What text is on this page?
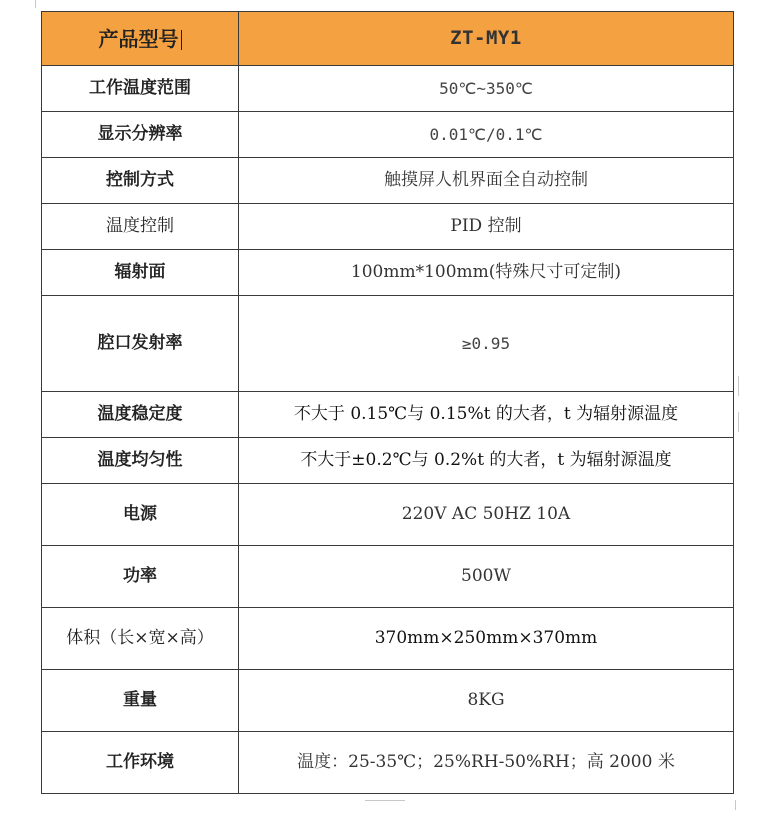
产品型号	ZT-MY1
工作温度范围	50℃~350℃
显示分辨率	0.01℃/0.1℃
控制方式	触摸屏人机界面全自动控制
温度控制	PID 控制
辐射面	100mm*100mm(特殊尺寸可定制)
腔口发射率	≥0.95
温度稳定度	不大于 0.15℃与 0.15%t 的大者，t 为辐射源温度
温度均匀性	不大于±0.2℃与 0.2%t 的大者，t 为辐射源温度
电源	220V AC 50HZ 10A
功率	500W
体积（长×宽×高）	370mm×250mm×370mm
重量	8KG
工作环境	温度：25-35℃；25%RH-50%RH；高 2000 米
